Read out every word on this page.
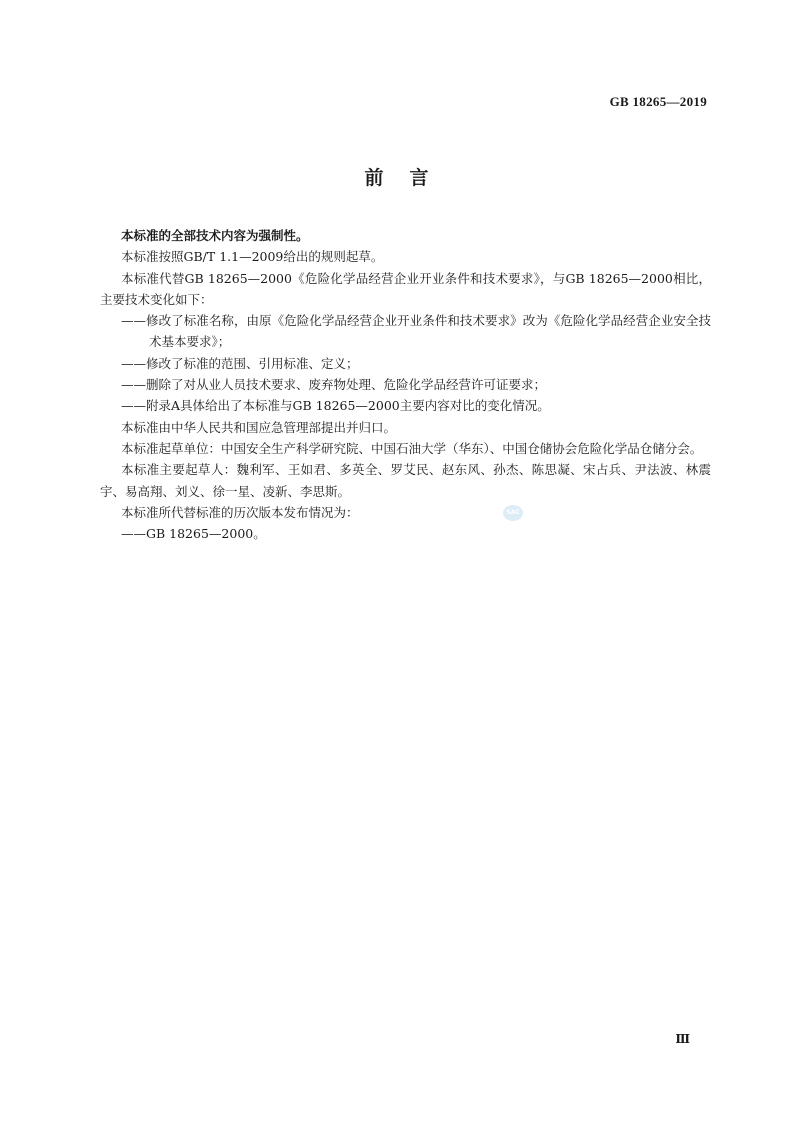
GB 18265—2019
前言

本标准的全部技术内容为强制性。

本标准按照GB/T 1.1—2009给出的规则起草。

本标准代替GB 18265—2000《危险化学品经营企业开业条件和技术要求》，与GB 18265—2000相比，主要技术变化如下：

——修改了标准名称，由原《危险化学品经营企业开业条件和技术要求》改为《危险化学品经营企业安全技术基本要求》；

——修改了标准的范围、引用标准、定义；

——删除了对从业人员技术要求、废弃物处理、危险化学品经营许可证要求；

——附录A具体给出了本标准与GB 18265—2000主要内容对比的变化情况。

本标准由中华人民共和国应急管理部提出并归口。

本标准起草单位：中国安全生产科学研究院、中国石油大学（华东）、中国仓储协会危险化学品仓储分会。

本标准主要起草人：魏利军、王如君、多英全、罗艾民、赵东风、孙杰、陈思凝、宋占兵、尹法波、林震宇、易高翔、刘义、徐一星、凌新、李思斯。

本标准所代替标准的历次版本发布情况为：

——GB 18265—2000。

SAC
Ⅲ
